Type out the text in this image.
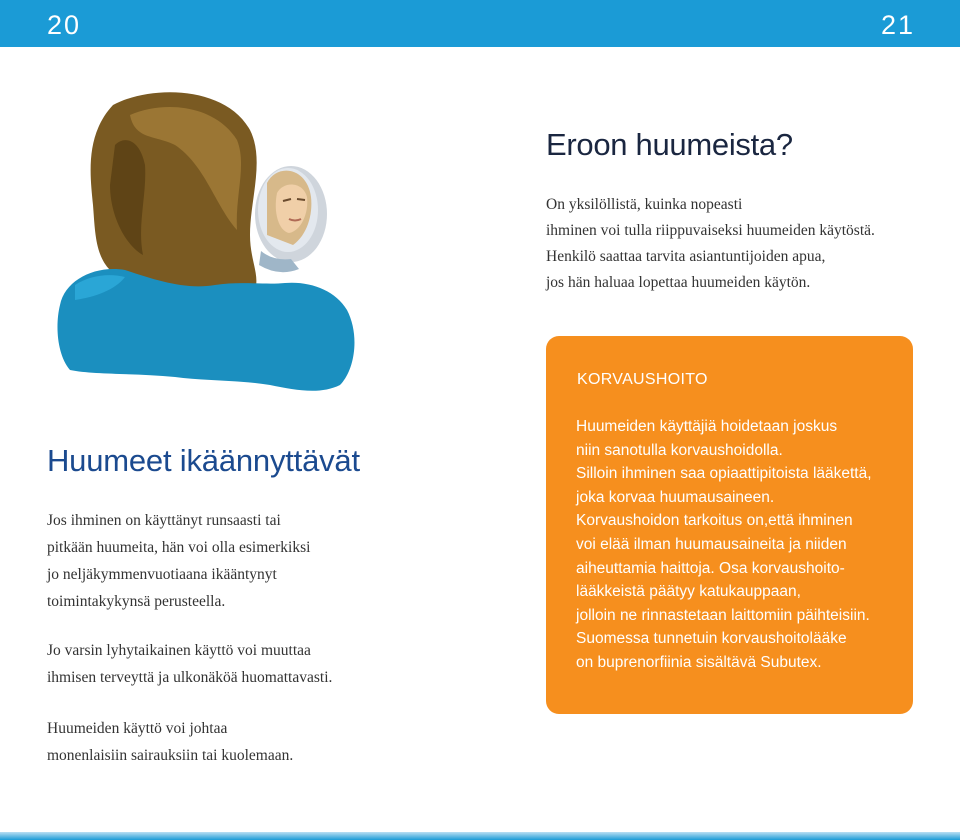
20	21
Eroon huumeista?
On yksilöllistä, kuinka nopeasti
ihminen voi tulla riippuvaiseksi huumeiden käytöstä.
Henkilö saattaa tarvita asiantuntijoiden apua,
jos hän haluaa lopettaa huumeiden käytön.
Huumeet ikäännyttävät
Jos ihminen on käyttänyt runsaasti tai
pitkään huumeita, hän voi olla esimerkiksi
jo neljäkymmenvuotiaana ikääntynyt
toimintakykynsä perusteella.
Jo varsin lyhytaikainen käyttö voi muuttaa
ihmisen terveyttä ja ulkonäköä huomattavasti.
Huumeiden käyttö voi johtaa
monenlaisiin sairauksiin tai kuolemaan.
KORVAUSHOITO
Huumeiden käyttäjiä hoidetaan joskus
niin sanotulla korvaushoidolla.
Silloin ihminen saa opiaattipitoista lääkettä,
joka korvaa huumausaineen.
Korvaushoidon tarkoitus on,että ihminen
voi elää ilman huumausaineita ja niiden
aiheuttamia haittoja. Osa korvaushoito-
lääkkeistä päätyy katukauppaan,
jolloin ne rinnastetaan laittomiin päihteisiin.
Suomessa tunnetuin korvaushoitolääke
on buprenorfiinia sisältävä Subutex.
